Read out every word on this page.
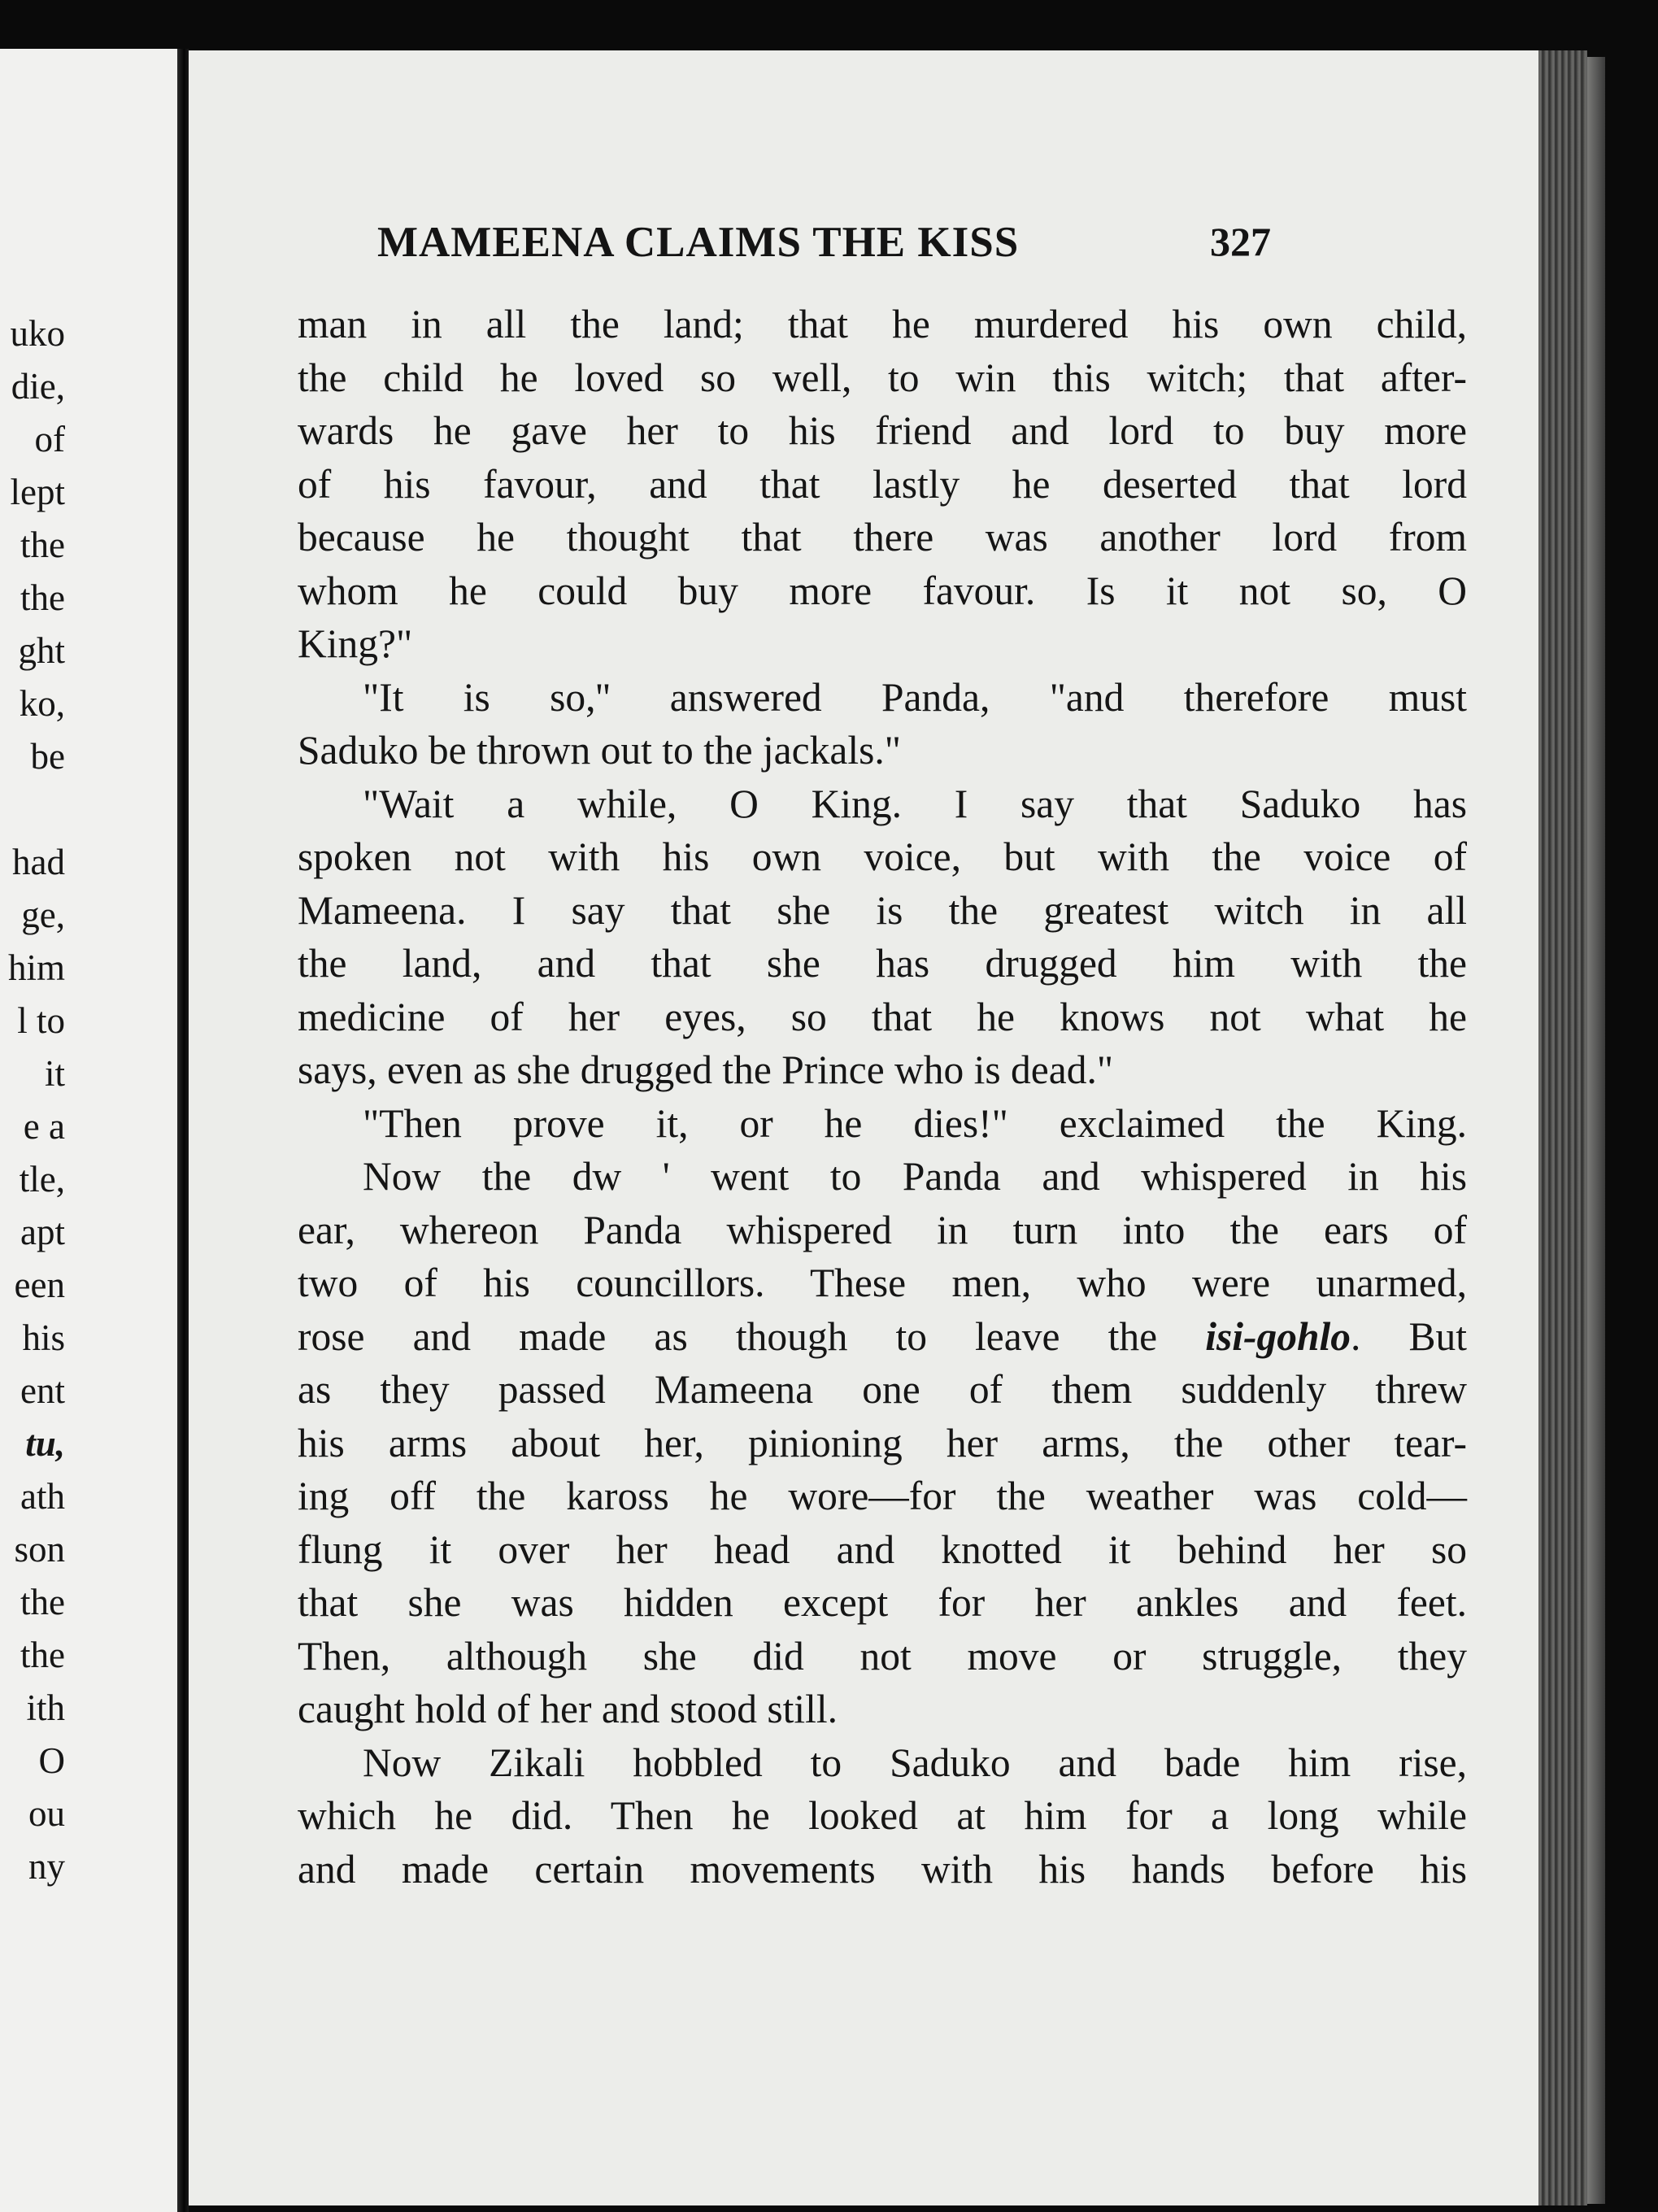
uko
die,
of
lept
the
the
ght
ko,
be
had
ge,
him
l to
it
e a
tle,
apt
een
his
ent
tu,
ath
son
the
the
ith
O
ou
ny
MAMEENA CLAIMS THE KISS	327
man in all the land; that he murdered his own child,
the child he loved so well, to win this witch; that after-
wards he gave her to his friend and lord to buy more
of his favour, and that lastly he deserted that lord
because he thought that there was another lord from
whom he could buy more favour. Is it not so, O
King?"
"It is so,'' answered Panda, "and therefore must
Saduko be thrown out to the jackals."
"Wait a while, O King. I say that Saduko has
spoken not with his own voice, but with the voice of
Mameena. I say that she is the greatest witch in all
the land, and that she has drugged him with the
medicine of her eyes, so that he knows not what he
says, even as she drugged the Prince who is dead."
"Then prove it, or he dies!" exclaimed the King.
Now the dw ' went to Panda and whispered in his
ear, whereon Panda whispered in turn into the ears of
two of his councillors. These men, who were unarmed,
rose and made as though to leave the isi-gohlo. But
as they passed Mameena one of them suddenly threw
his arms about her, pinioning her arms, the other tear-
ing off the kaross he wore—for the weather was cold—
flung it over her head and knotted it behind her so
that she was hidden except for her ankles and feet.
Then, although she did not move or struggle, they
caught hold of her and stood still.
Now Zikali hobbled to Saduko and bade him rise,
which he did. Then he looked at him for a long while
and made certain movements with his hands before his
